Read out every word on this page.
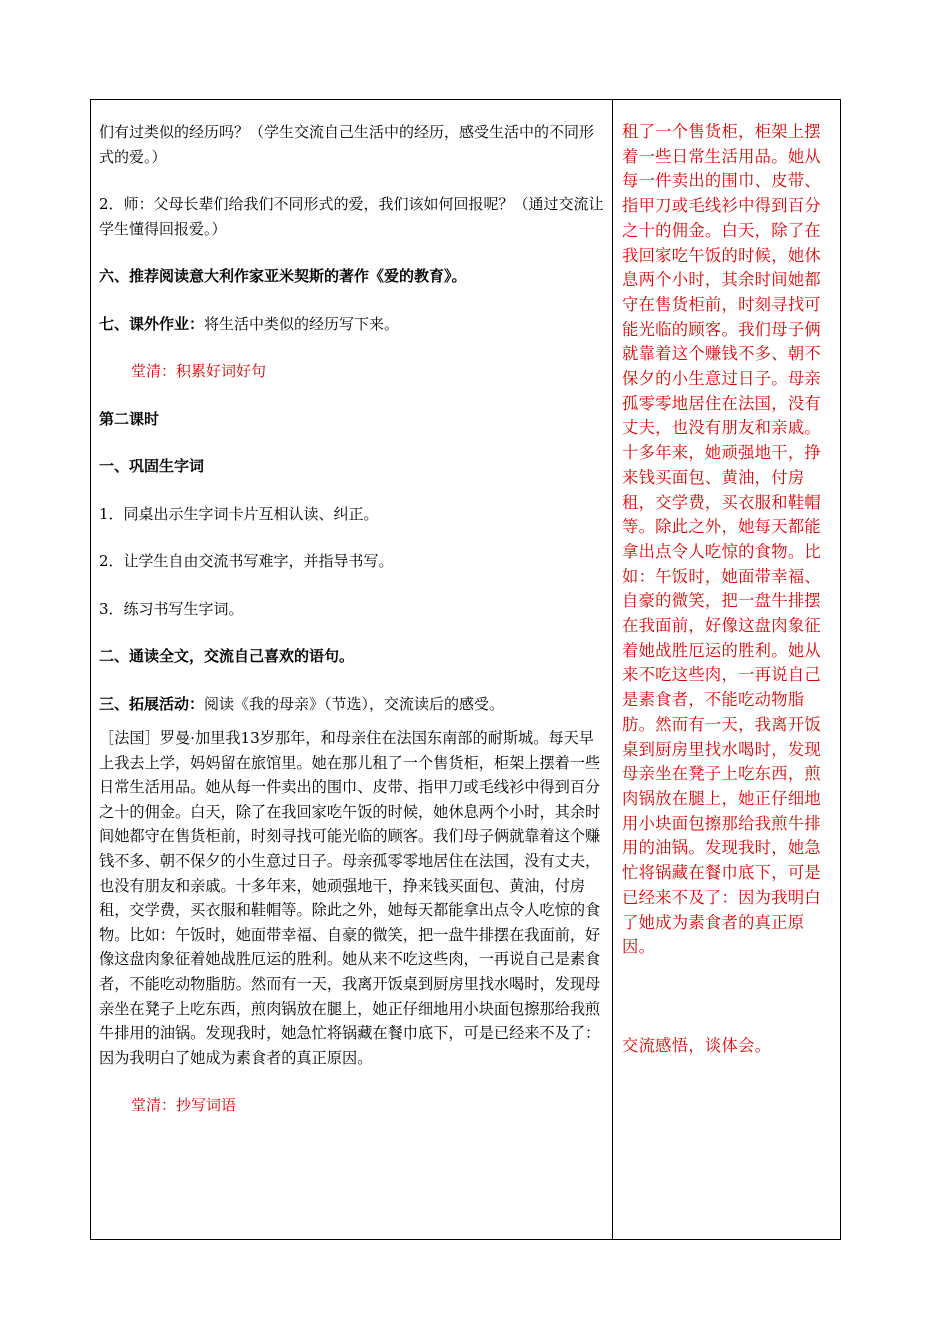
们有过类似的经历吗？（学生交流自己生活中的经历，感受生活中的不同形式的爱。）

2．师：父母长辈们给我们不同形式的爱，我们该如何回报呢？（通过交流让学生懂得回报爱。）

六、推荐阅读意大利作家亚米契斯的著作《爱的教育》。

七、课外作业：将生活中类似的经历写下来。

堂清：积累好词好句

第二课时

一、巩固生字词

1．同桌出示生字词卡片互相认读、纠正。

2．让学生自由交流书写难字，并指导书写。

3．练习书写生字词。

二、通读全文，交流自己喜欢的语句。

三、拓展活动：阅读《我的母亲》（节选），交流读后的感受。

［法国］罗曼·加里我13岁那年，和母亲住在法国东南部的耐斯城。每天早上我去上学，妈妈留在旅馆里。她在那儿租了一个售货柜，柜架上摆着一些日常生活用品。她从每一件卖出的围巾、皮带、指甲刀或毛线衫中得到百分之十的佣金。白天，除了在我回家吃午饭的时候，她休息两个小时，其余时间她都守在售货柜前，时刻寻找可能光临的顾客。我们母子俩就靠着这个赚钱不多、朝不保夕的小生意过日子。母亲孤零零地居住在法国，没有丈夫，也没有朋友和亲戚。十多年来，她顽强地干，挣来钱买面包、黄油，付房租，交学费，买衣服和鞋帽等。除此之外，她每天都能拿出点令人吃惊的食物。比如：午饭时，她面带幸福、自豪的微笑，把一盘牛排摆在我面前，好像这盘肉象征着她战胜厄运的胜利。她从来不吃这些肉，一再说自己是素食者，不能吃动物脂肪。然而有一天，我离开饭桌到厨房里找水喝时，发现母亲坐在凳子上吃东西，煎肉锅放在腿上，她正仔细地用小块面包擦那给我煎牛排用的油锅。发现我时，她急忙将锅藏在餐巾底下，可是已经来不及了：因为我明白了她成为素食者的真正原因。

堂清：抄写词语

租了一个售货柜，柜架上摆着一些日常生活用品。她从每一件卖出的围巾、皮带、指甲刀或毛线衫中得到百分之十的佣金。白天，除了在我回家吃午饭的时候，她休息两个小时，其余时间她都守在售货柜前，时刻寻找可能光临的顾客。我们母子俩就靠着这个赚钱不多、朝不保夕的小生意过日子。母亲孤零零地居住在法国，没有丈夫，也没有朋友和亲戚。十多年来，她顽强地干，挣来钱买面包、黄油，付房租，交学费，买衣服和鞋帽等。除此之外，她每天都能拿出点令人吃惊的食物。比如：午饭时，她面带幸福、自豪的微笑，把一盘牛排摆在我面前，好像这盘肉象征着她战胜厄运的胜利。她从来不吃这些肉，一再说自己是素食者，不能吃动物脂肪。然而有一天，我离开饭桌到厨房里找水喝时，发现母亲坐在凳子上吃东西，煎肉锅放在腿上，她正仔细地用小块面包擦那给我煎牛排用的油锅。发现我时，她急忙将锅藏在餐巾底下，可是已经来不及了：因为我明白了她成为素食者的真正原因。

交流感悟，谈体会。
